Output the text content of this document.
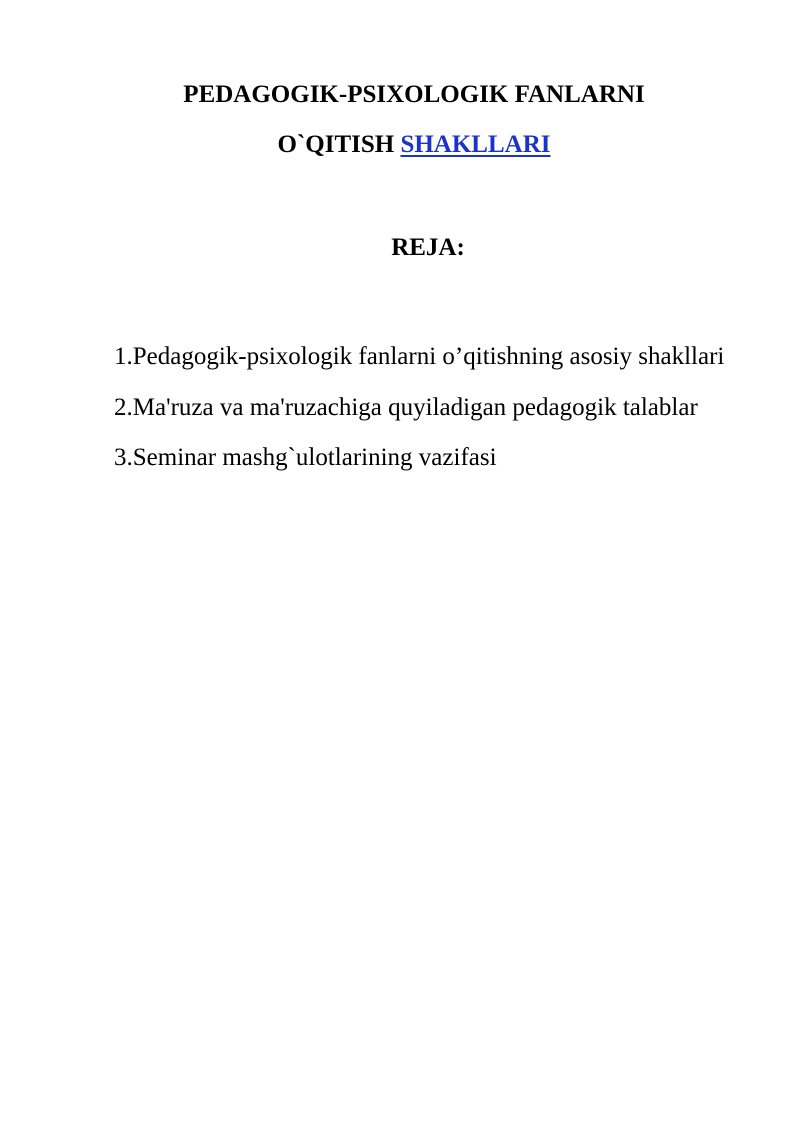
PEDAGOGIK-PSIXOLOGIK FANLARNI
O`QITISH SHAKLLARI
REJA:
1.Pedagogik-psixologik fanlarni o’qitishning asosiy shakllari
2.Ma'ruza va ma'ruzachiga quyiladigan pedagogik talablar
3.Seminar mashg`ulotlarining vazifasi
